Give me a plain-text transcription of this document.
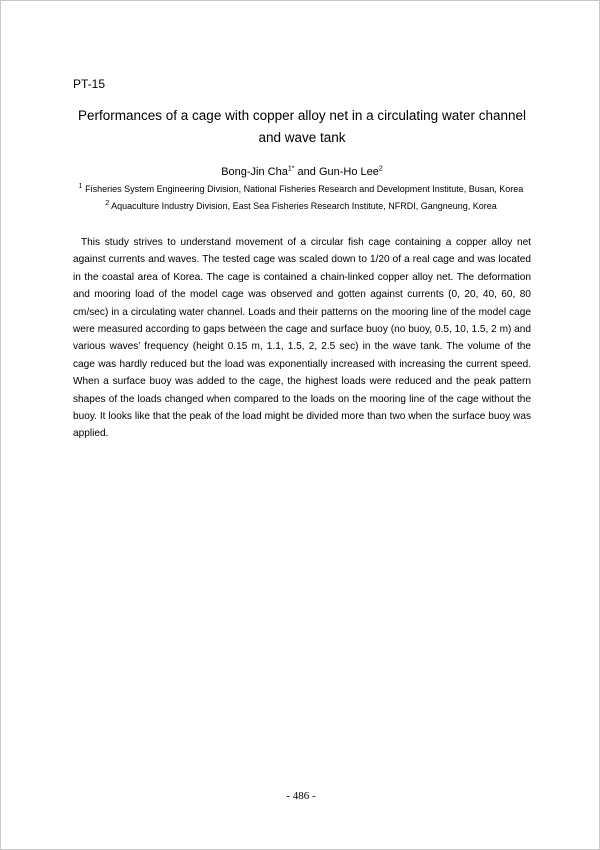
PT-15
Performances of a cage with copper alloy net in a circulating water channel and wave tank
Bong-Jin Cha$^{1*}$ and Gun-Ho Lee$^2$
$^1$ Fisheries System Engineering Division, National Fisheries Research and Development Institute, Busan, Korea
$^2$ Aquaculture Industry Division, East Sea Fisheries Research Institute, NFRDI, Gangneung, Korea

This study strives to understand movement of a circular fish cage containing a copper alloy net against currents and waves. The tested cage was scaled down to 1/20 of a real cage and was located in the coastal area of Korea. The cage is contained a chain-linked copper alloy net. The deformation and mooring load of the model cage was observed and gotten against currents (0, 20, 40, 60, 80 cm/sec) in a circulating water channel. Loads and their patterns on the mooring line of the model cage were measured according to gaps between the cage and surface buoy (no buoy, 0.5, 10, 1.5, 2 m) and various waves’ frequency (height 0.15 m, 1.1, 1.5, 2, 2.5 sec) in the wave tank. The volume of the cage was hardly reduced but the load was exponentially increased with increasing the current speed. When a surface buoy was added to the cage, the highest loads were reduced and the peak pattern shapes of the loads changed when compared to the loads on the mooring line of the cage without the buoy. It looks like that the peak of the load might be divided more than two when the surface buoy was applied.

- 486 -
